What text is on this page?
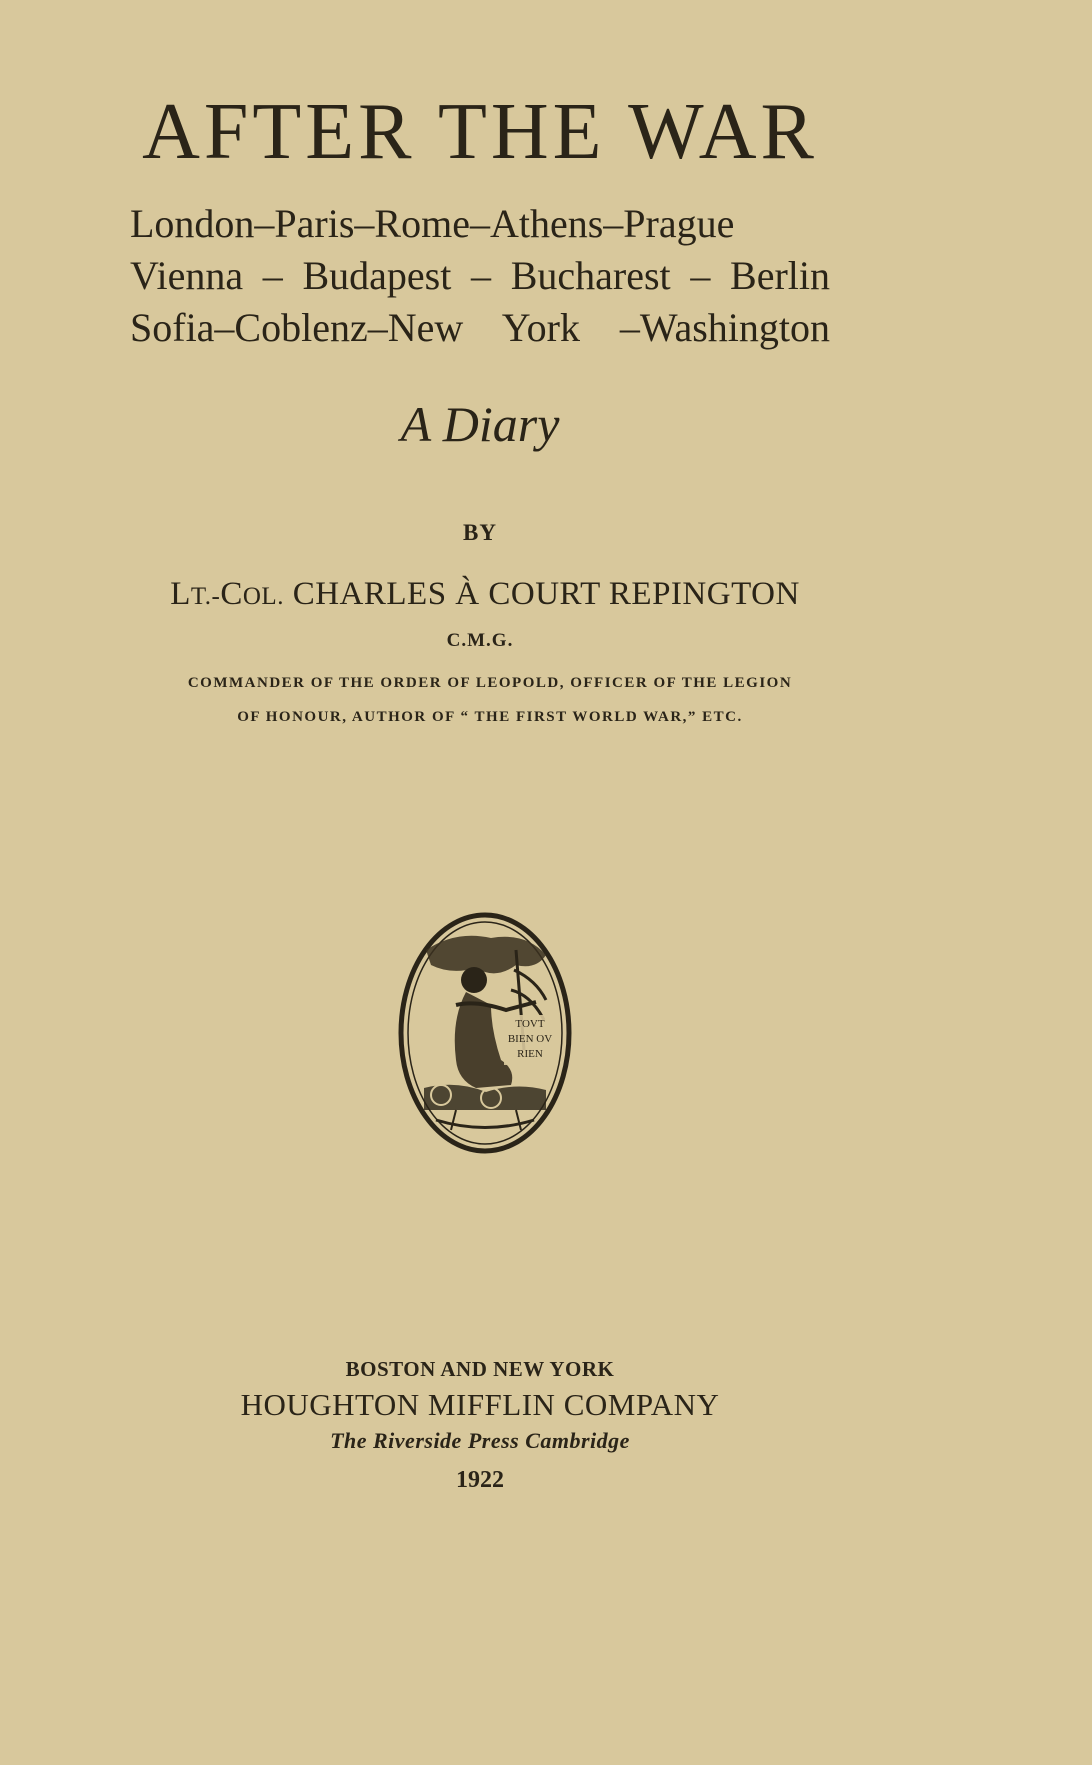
AFTER THE WAR
London–Paris–Rome–Athens–Prague
Vienna – Budapest – Bucharest – Berlin
Sofia–Coblenz–New York –Washington
A Diary
BY
LT.-COL. CHARLES À COURT REPINGTON
C.M.G.
COMMANDER OF THE ORDER OF LEOPOLD, OFFICER OF THE LEGION
OF HONOUR, AUTHOR OF “ THE FIRST WORLD WAR,” ETC.
TOVT
BIEN OV
RIEN
BOSTON AND NEW YORK
HOUGHTON MIFFLIN COMPANY
The Riverside Press Cambridge
1922
